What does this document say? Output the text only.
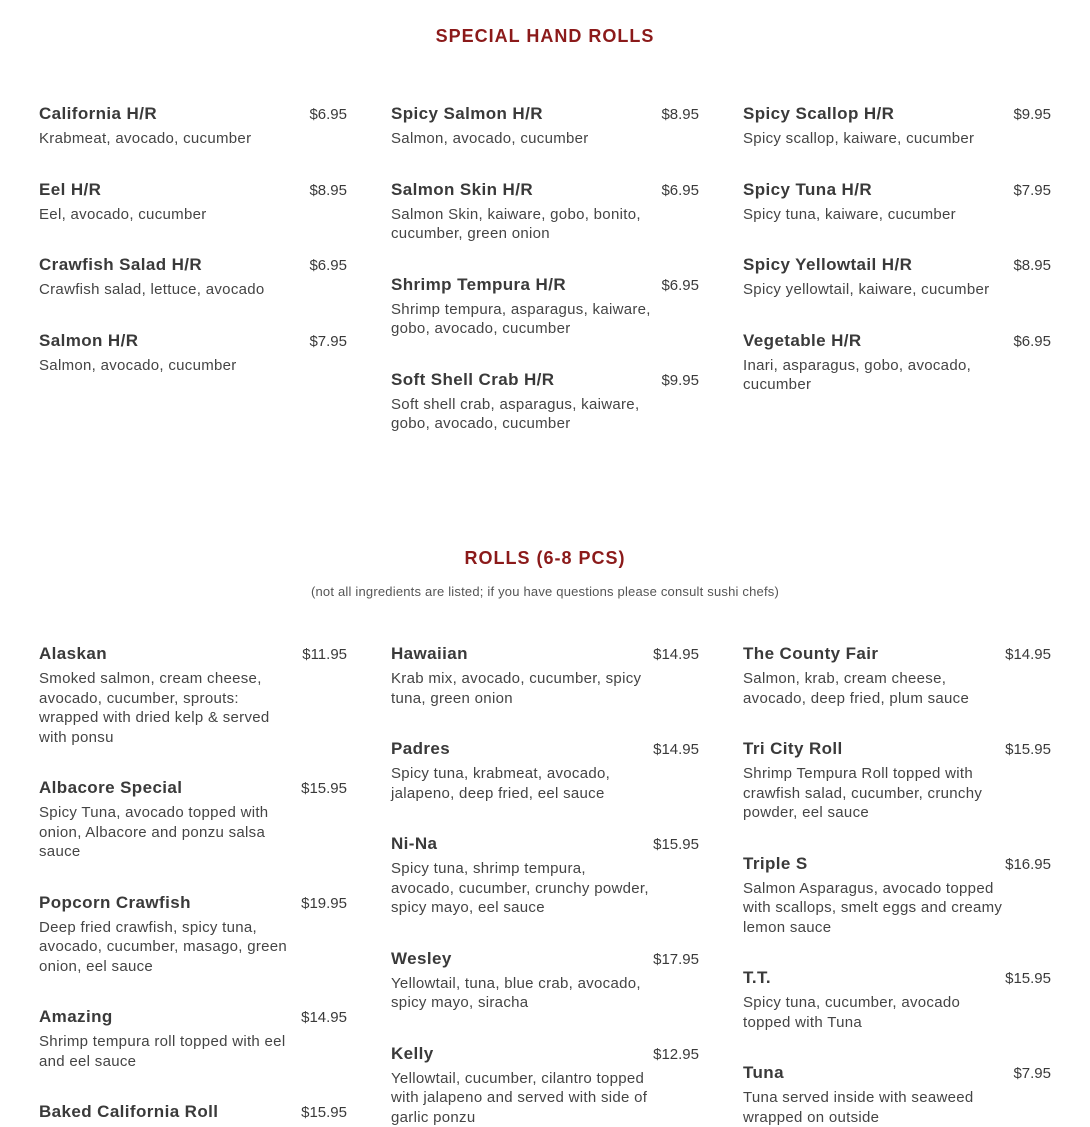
SPECIAL HAND ROLLS
California H/R	$6.95
Krabmeat, avocado, cucumber
Eel H/R	$8.95
Eel, avocado, cucumber
Crawfish Salad H/R	$6.95
Crawfish salad, lettuce, avocado
Salmon H/R	$7.95
Salmon, avocado, cucumber
Spicy Salmon H/R	$8.95
Salmon, avocado, cucumber
Salmon Skin H/R	$6.95
Salmon Skin, kaiware, gobo, bonito, cucumber, green onion
Shrimp Tempura H/R	$6.95
Shrimp tempura, asparagus, kaiware, gobo, avocado, cucumber
Soft Shell Crab H/R	$9.95
Soft shell crab, asparagus, kaiware, gobo, avocado, cucumber
Spicy Scallop H/R	$9.95
Spicy scallop, kaiware, cucumber
Spicy Tuna H/R	$7.95
Spicy tuna, kaiware, cucumber
Spicy Yellowtail H/R	$8.95
Spicy yellowtail, kaiware, cucumber
Vegetable H/R	$6.95
Inari, asparagus, gobo, avocado, cucumber
ROLLS (6-8 PCS)
(not all ingredients are listed; if you have questions please consult sushi chefs)
Alaskan	$11.95
Smoked salmon, cream cheese, avocado, cucumber, sprouts: wrapped with dried kelp & served with ponsu
Albacore Special	$15.95
Spicy Tuna, avocado topped with onion, Albacore and ponzu salsa sauce
Popcorn Crawfish	$19.95
Deep fried crawfish, spicy tuna, avocado, cucumber, masago, green onion, eel sauce
Amazing	$14.95
Shrimp tempura roll topped with eel and eel sauce
Baked California Roll	$15.95
Hawaiian	$14.95
Krab mix, avocado, cucumber, spicy tuna, green onion
Padres	$14.95
Spicy tuna, krabmeat, avocado, jalapeno, deep fried, eel sauce
Ni-Na	$15.95
Spicy tuna, shrimp tempura, avocado, cucumber, crunchy powder, spicy mayo, eel sauce
Wesley	$17.95
Yellowtail, tuna, blue crab, avocado, spicy mayo, siracha
Kelly	$12.95
Yellowtail, cucumber, cilantro topped with jalapeno and served with side of garlic ponzu
The County Fair	$14.95
Salmon, krab, cream cheese, avocado, deep fried, plum sauce
Tri City Roll	$15.95
Shrimp Tempura Roll topped with crawfish salad, cucumber, crunchy powder, eel sauce
Triple S	$16.95
Salmon Asparagus, avocado topped with scallops, smelt eggs and creamy lemon sauce
T.T.	$15.95
Spicy tuna, cucumber, avocado topped with Tuna
Tuna	$7.95
Tuna served inside with seaweed wrapped on outside
